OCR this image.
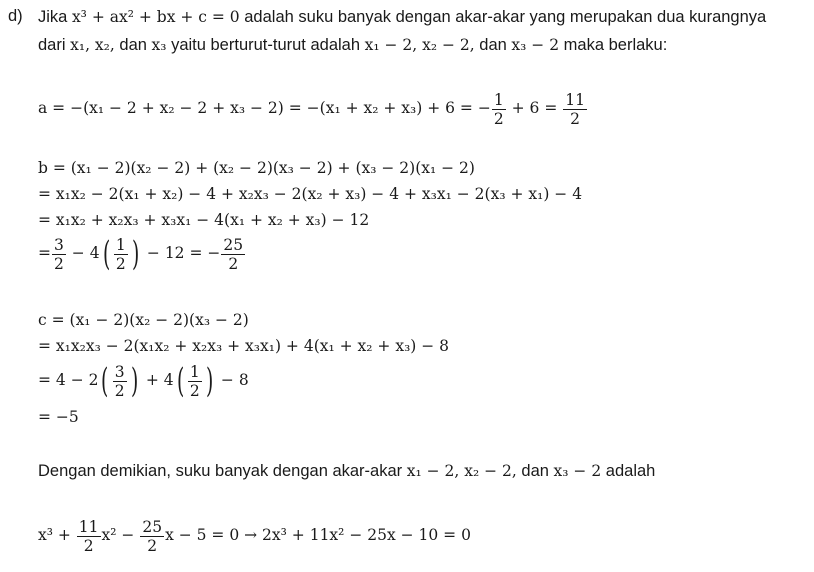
d) Jika x³ + ax² + bx + c = 0 adalah suku banyak dengan akar-akar yang merupakan dua kurangnya
dari x₁, x₂, dan x₃ yaitu berturut-turut adalah x₁ − 2, x₂ − 2, dan x₃ − 2 maka berlaku:
a = −(x₁ − 2 + x₂ − 2 + x₃ − 2) = −(x₁ + x₂ + x₃) + 6 = − $\frac{1}{2} + 6 = \frac{11}{2}$
b = (x₁ − 2)(x₂ − 2) + (x₂ − 2)(x₃ − 2) + (x₃ − 2)(x₁ − 2)
= x₁x₂ − 2(x₁ + x₂) − 4 + x₂x₃ − 2(x₂ + x₃) − 4 + x₃x₁ − 2(x₃ + x₁) − 4
= x₁x₂ + x₂x₃ + x₃x₁ − 4(x₁ + x₂ + x₃) − 12
= $\frac{3}{2} - 4( \frac{1}{2}$ ) − 12 = − $\frac{25}{2}$
c = (x₁ − 2)(x₂ − 2)(x₃ − 2)
= x₁x₂x₃ − 2(x₁x₂ + x₂x₃ + x₃x₁) + 4(x₁ + x₂ + x₃) − 8
= $4 - 2( \frac{3}{2}$ ) + $4( \frac{1}{2}$ ) − 8
= −5
Dengan demikian, suku banyak dengan akar-akar x₁ − 2, x₂ − 2, dan x₃ − 2 adalah
$x^3 + \frac{11}{2} x^2 - \frac{25}{2}$ x − 5 = 0 → 2x³ + 11x² − 25x − 10 = 0
